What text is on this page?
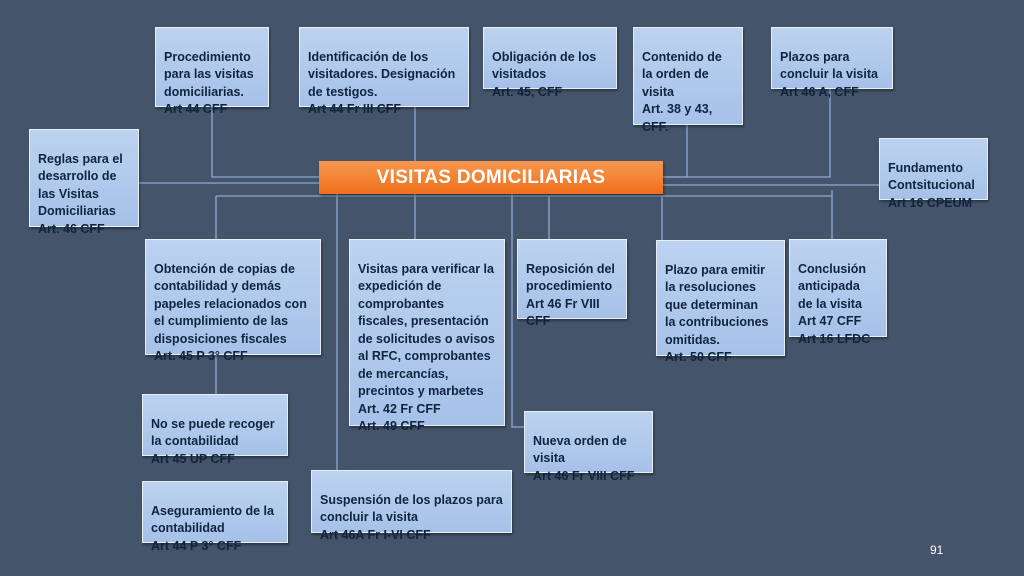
Procedimiento
para las visitas
domiciliarias.
Art 44 CFF

Identificación de los
visitadores. Designación
de testigos.
Art 44 Fr III CFF

Obligación de los
visitados
Art. 45, CFF

Contenido de
la orden de
visita
Art. 38 y 43,
CFF.

Plazos para
concluir la visita
Art 46 A, CFF

Reglas para el
desarrollo de
las Visitas
Domiciliarias
Art. 46 CFF

Fundamento
Contsitucional
Art 16 CPEUM

VISITAS DOMICILIARIAS

Obtención de copias de
contabilidad y demás
papeles relacionados con
el cumplimiento de las
disposiciones fiscales
Art. 45 P 3° CFF

Visitas para verificar la
expedición de
comprobantes
fiscales, presentación
de solicitudes o avisos
al RFC, comprobantes
de mercancías,
precintos y marbetes
Art. 42 Fr CFF
Art. 49 CFF

Reposición del
procedimiento
Art 46 Fr VIII
CFF

Plazo para emitir
la resoluciones
que determinan
la contribuciones
omitidas.
Art. 50 CFF

Conclusión
anticipada
de la visita
Art 47 CFF
Art 16 LFDC

No se puede recoger
la contabilidad
Art 45 UP CFF

Nueva orden de
visita
Art 46 Fr VIII CFF

Aseguramiento de la
contabilidad
Art 44 P 3° CFF

Suspensión de los plazos para
concluir la visita
Art 46A Fr I-VI CFF

91
